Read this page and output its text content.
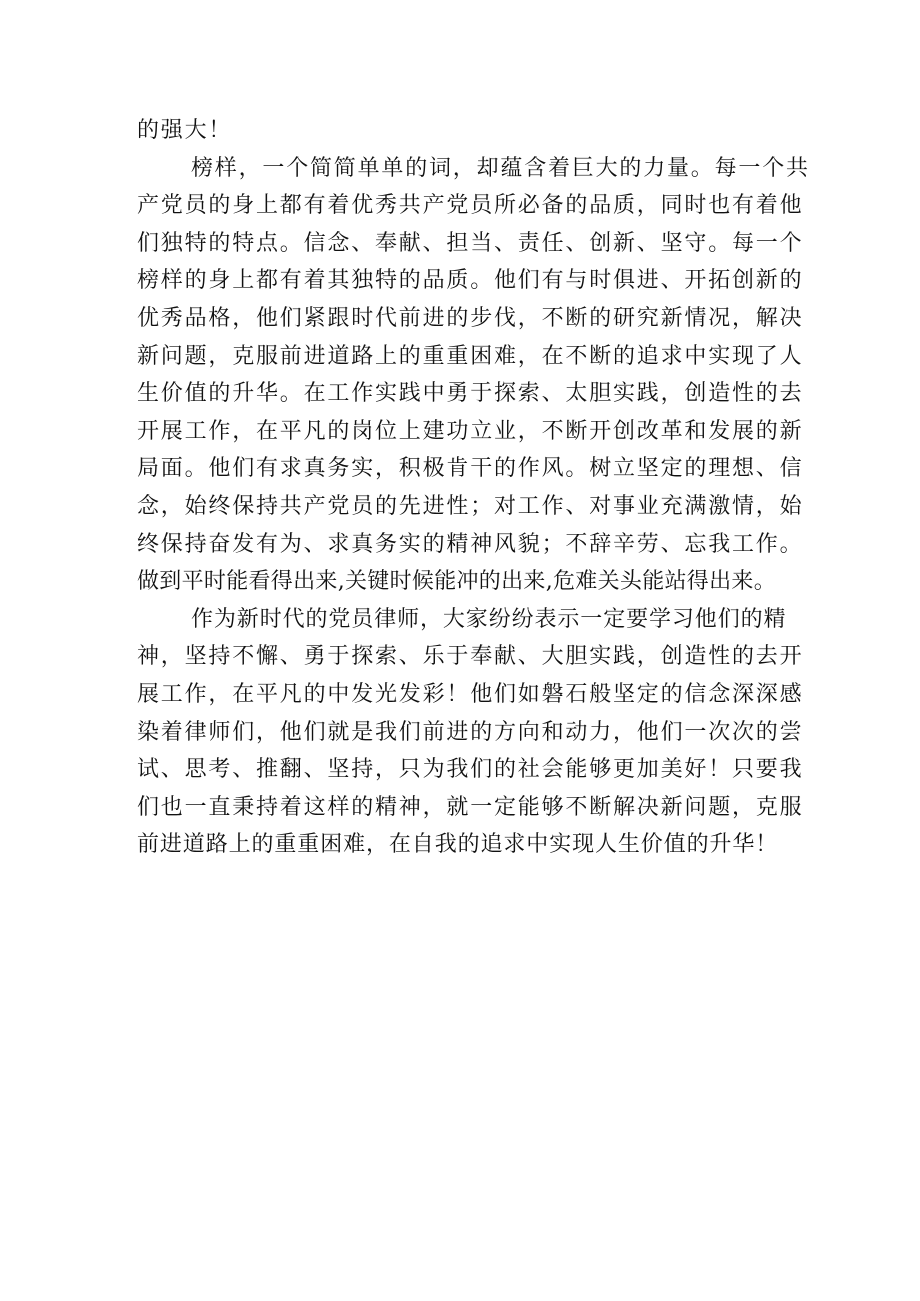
的强大！
榜样，一个简简单单的词，却蕴含着巨大的力量。每一个共
产党员的身上都有着优秀共产党员所必备的品质，同时也有着他
们独特的特点。信念、奉献、担当、责任、创新、坚守。每一个
榜样的身上都有着其独特的品质。他们有与时俱进、开拓创新的
优秀品格，他们紧跟时代前进的步伐，不断的研究新情况，解决
新问题，克服前进道路上的重重困难，在不断的追求中实现了人
生价值的升华。在工作实践中勇于探索、太胆实践，创造性的去
开展工作，在平凡的岗位上建功立业，不断开创改革和发展的新
局面。他们有求真务实，积极肯干的作风。树立坚定的理想、信
念，始终保持共产党员的先进性；对工作、对事业充满激情，始
终保持奋发有为、求真务实的精神风貌；不辞辛劳、忘我工作。
做到平时能看得出来,关键时候能冲的出来,危难关头能站得出来。
作为新时代的党员律师，大家纷纷表示一定要学习他们的精
神，坚持不懈、勇于探索、乐于奉献、大胆实践，创造性的去开
展工作，在平凡的中发光发彩！他们如磐石般坚定的信念深深感
染着律师们，他们就是我们前进的方向和动力，他们一次次的尝
试、思考、推翻、坚持，只为我们的社会能够更加美好！只要我
们也一直秉持着这样的精神，就一定能够不断解决新问题，克服
前进道路上的重重困难，在自我的追求中实现人生价值的升华！
